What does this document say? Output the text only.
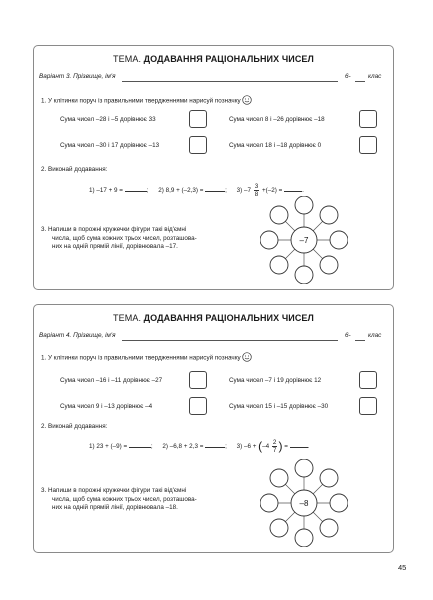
ТЕМА. ДОДАВАННЯ РАЦІОНАЛЬНИХ ЧИСЕЛ
Варіант 3. Прізвище, ім'я	6-	клас
1. У клітинки поруч із правильними твердженнями нарисуй позначку
Сума чисел –28 і –5 дорівнює 33	Сума чисел 8 і –26 дорівнює –18
Сума чисел –30 і 17 дорівнює –13	Сума чисел 18 і –18 дорівнює 0
2. Виконай додавання:
1) –17 + 9 =	; 2) 8,9 + (–2,3) =	; 3) $-7 \frac{3}{8} +(-2)$ =	.
3. Напиши в порожні кружечки фігури такі від'ємні
числа, щоб сума кожних трьох чисел, розташова-
них на одній прямій лінії, дорівнювала –17.
–7
ТЕМА. ДОДАВАННЯ РАЦІОНАЛЬНИХ ЧИСЕЛ
Варіант 4. Прізвище, ім'я	6-	клас
1. У клітинки поруч із правильними твердженнями нарисуй позначку
Сума чисел –16 і –11 дорівнює –27	Сума чисел –7 і 19 дорівнює 12
Сума чисел 9 і –13 дорівнює –4	Сума чисел 15 і –15 дорівнює –30
2. Виконай додавання:
1) 23 + (–9) =	; 2) –6,8 + 2,3 =	; 3) $-6 + (-4 \frac{2}{7}$ ) =	.
3. Напиши в порожні кружечки фігури такі від'ємні
числа, щоб сума кожних трьох чисел, розташова-
них на одній прямій лінії, дорівнювала –18.	–8
45
